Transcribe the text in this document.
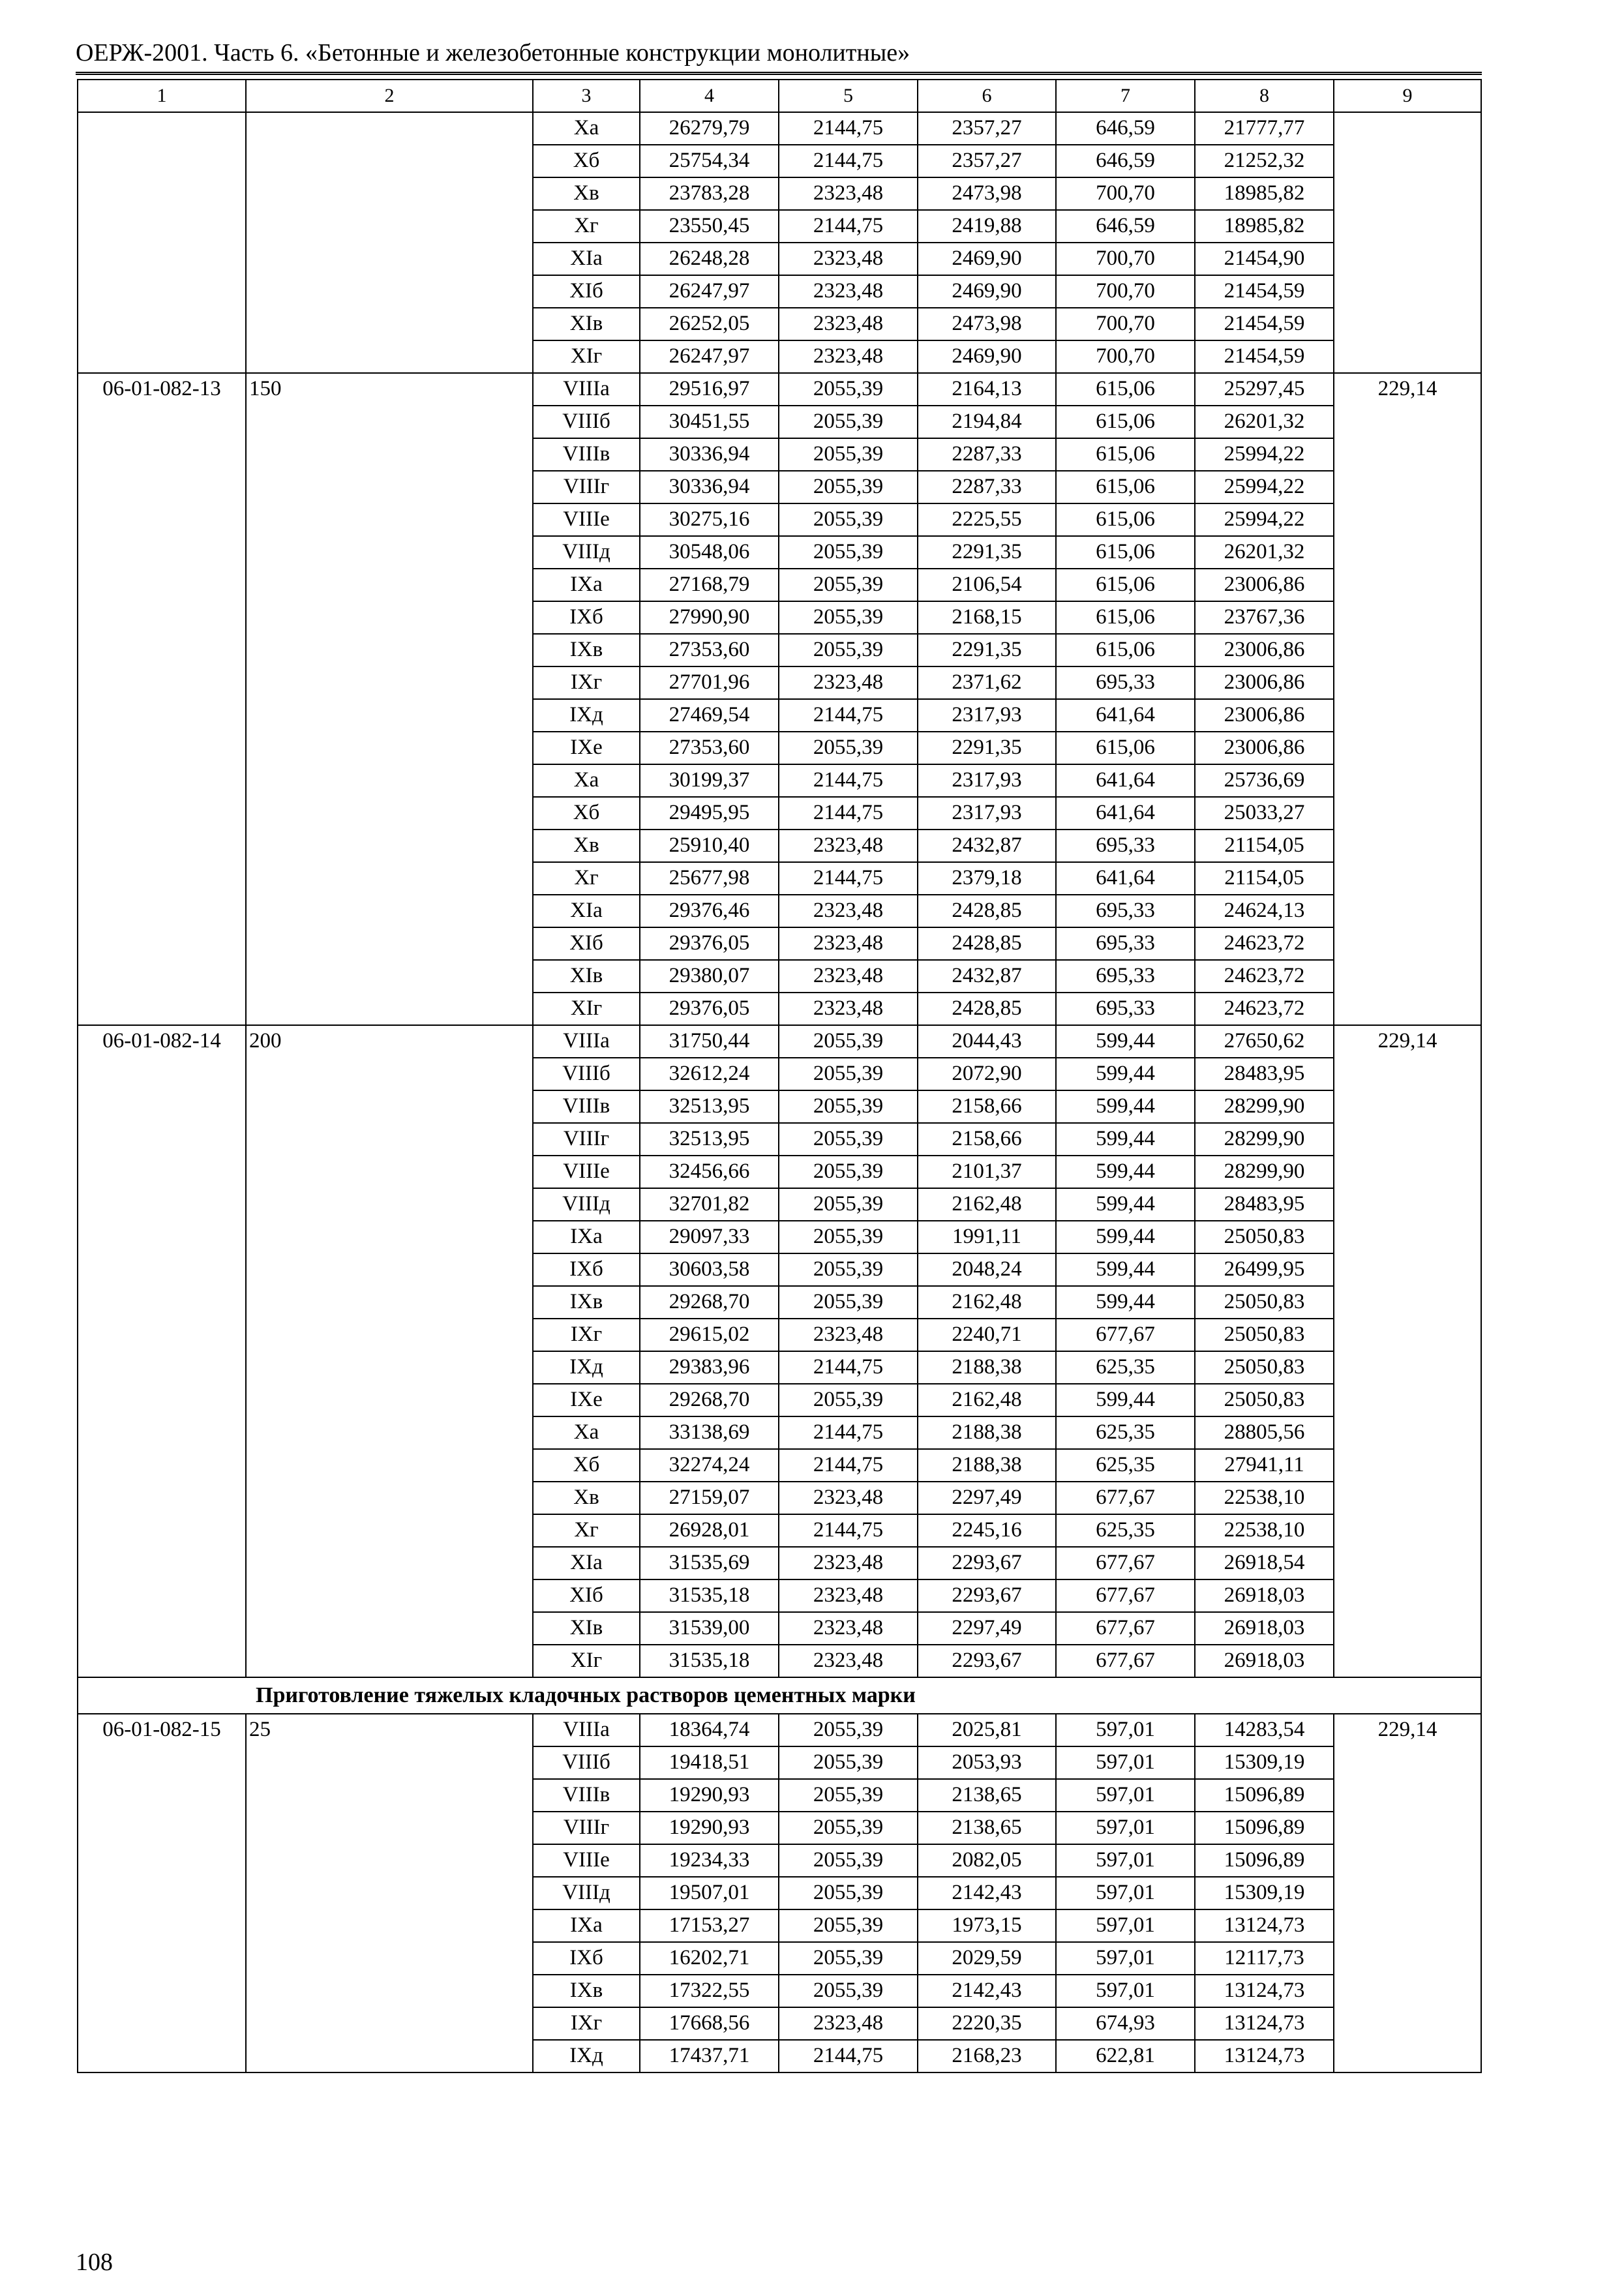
ОЕРЖ-2001. Часть 6. «Бетонные и железобетонные конструкции монолитные»
1	2	3	4	5	6	7	8	9
		Xa	26279,79	2144,75	2357,27	646,59	21777,77	
		Xб	25754,34	2144,75	2357,27	646,59	21252,32	
		Xв	23783,28	2323,48	2473,98	700,70	18985,82	
		Xг	23550,45	2144,75	2419,88	646,59	18985,82	
		XIa	26248,28	2323,48	2469,90	700,70	21454,90	
		XIб	26247,97	2323,48	2469,90	700,70	21454,59	
		XIв	26252,05	2323,48	2473,98	700,70	21454,59	
		XIг	26247,97	2323,48	2469,90	700,70	21454,59	
06-01-082-13	150	VIIIa	29516,97	2055,39	2164,13	615,06	25297,45	229,14
		VIIIб	30451,55	2055,39	2194,84	615,06	26201,32	
		VIIIв	30336,94	2055,39	2287,33	615,06	25994,22	
		VIIIг	30336,94	2055,39	2287,33	615,06	25994,22	
		VIIIe	30275,16	2055,39	2225,55	615,06	25994,22	
		VIIIд	30548,06	2055,39	2291,35	615,06	26201,32	
		IXa	27168,79	2055,39	2106,54	615,06	23006,86	
		IXб	27990,90	2055,39	2168,15	615,06	23767,36	
		IXв	27353,60	2055,39	2291,35	615,06	23006,86	
		IXг	27701,96	2323,48	2371,62	695,33	23006,86	
		IXд	27469,54	2144,75	2317,93	641,64	23006,86	
		IXe	27353,60	2055,39	2291,35	615,06	23006,86	
		Xa	30199,37	2144,75	2317,93	641,64	25736,69	
		Xб	29495,95	2144,75	2317,93	641,64	25033,27	
		Xв	25910,40	2323,48	2432,87	695,33	21154,05	
		Xг	25677,98	2144,75	2379,18	641,64	21154,05	
		XIa	29376,46	2323,48	2428,85	695,33	24624,13	
		XIб	29376,05	2323,48	2428,85	695,33	24623,72	
		XIв	29380,07	2323,48	2432,87	695,33	24623,72	
		XIг	29376,05	2323,48	2428,85	695,33	24623,72	
06-01-082-14	200	VIIIa	31750,44	2055,39	2044,43	599,44	27650,62	229,14
		VIIIб	32612,24	2055,39	2072,90	599,44	28483,95	
		VIIIв	32513,95	2055,39	2158,66	599,44	28299,90	
		VIIIг	32513,95	2055,39	2158,66	599,44	28299,90	
		VIIIe	32456,66	2055,39	2101,37	599,44	28299,90	
		VIIIд	32701,82	2055,39	2162,48	599,44	28483,95	
		IXa	29097,33	2055,39	1991,11	599,44	25050,83	
		IXб	30603,58	2055,39	2048,24	599,44	26499,95	
		IXв	29268,70	2055,39	2162,48	599,44	25050,83	
		IXг	29615,02	2323,48	2240,71	677,67	25050,83	
		IXд	29383,96	2144,75	2188,38	625,35	25050,83	
		IXe	29268,70	2055,39	2162,48	599,44	25050,83	
		Xa	33138,69	2144,75	2188,38	625,35	28805,56	
		Xб	32274,24	2144,75	2188,38	625,35	27941,11	
		Xв	27159,07	2323,48	2297,49	677,67	22538,10	
		Xг	26928,01	2144,75	2245,16	625,35	22538,10	
		XIa	31535,69	2323,48	2293,67	677,67	26918,54	
		XIб	31535,18	2323,48	2293,67	677,67	26918,03	
		XIв	31539,00	2323,48	2297,49	677,67	26918,03	
		XIг	31535,18	2323,48	2293,67	677,67	26918,03	
Приготовление тяжелых кладочных растворов цементных марки								
06-01-082-15	25	VIIIa	18364,74	2055,39	2025,81	597,01	14283,54	229,14
		VIIIб	19418,51	2055,39	2053,93	597,01	15309,19	
		VIIIв	19290,93	2055,39	2138,65	597,01	15096,89	
		VIIIг	19290,93	2055,39	2138,65	597,01	15096,89	
		VIIIe	19234,33	2055,39	2082,05	597,01	15096,89	
		VIIIд	19507,01	2055,39	2142,43	597,01	15309,19	
		IXa	17153,27	2055,39	1973,15	597,01	13124,73	
		IXб	16202,71	2055,39	2029,59	597,01	12117,73	
		IXв	17322,55	2055,39	2142,43	597,01	13124,73	
		IXг	17668,56	2323,48	2220,35	674,93	13124,73	
		IXд	17437,71	2144,75	2168,23	622,81	13124,73	
108
